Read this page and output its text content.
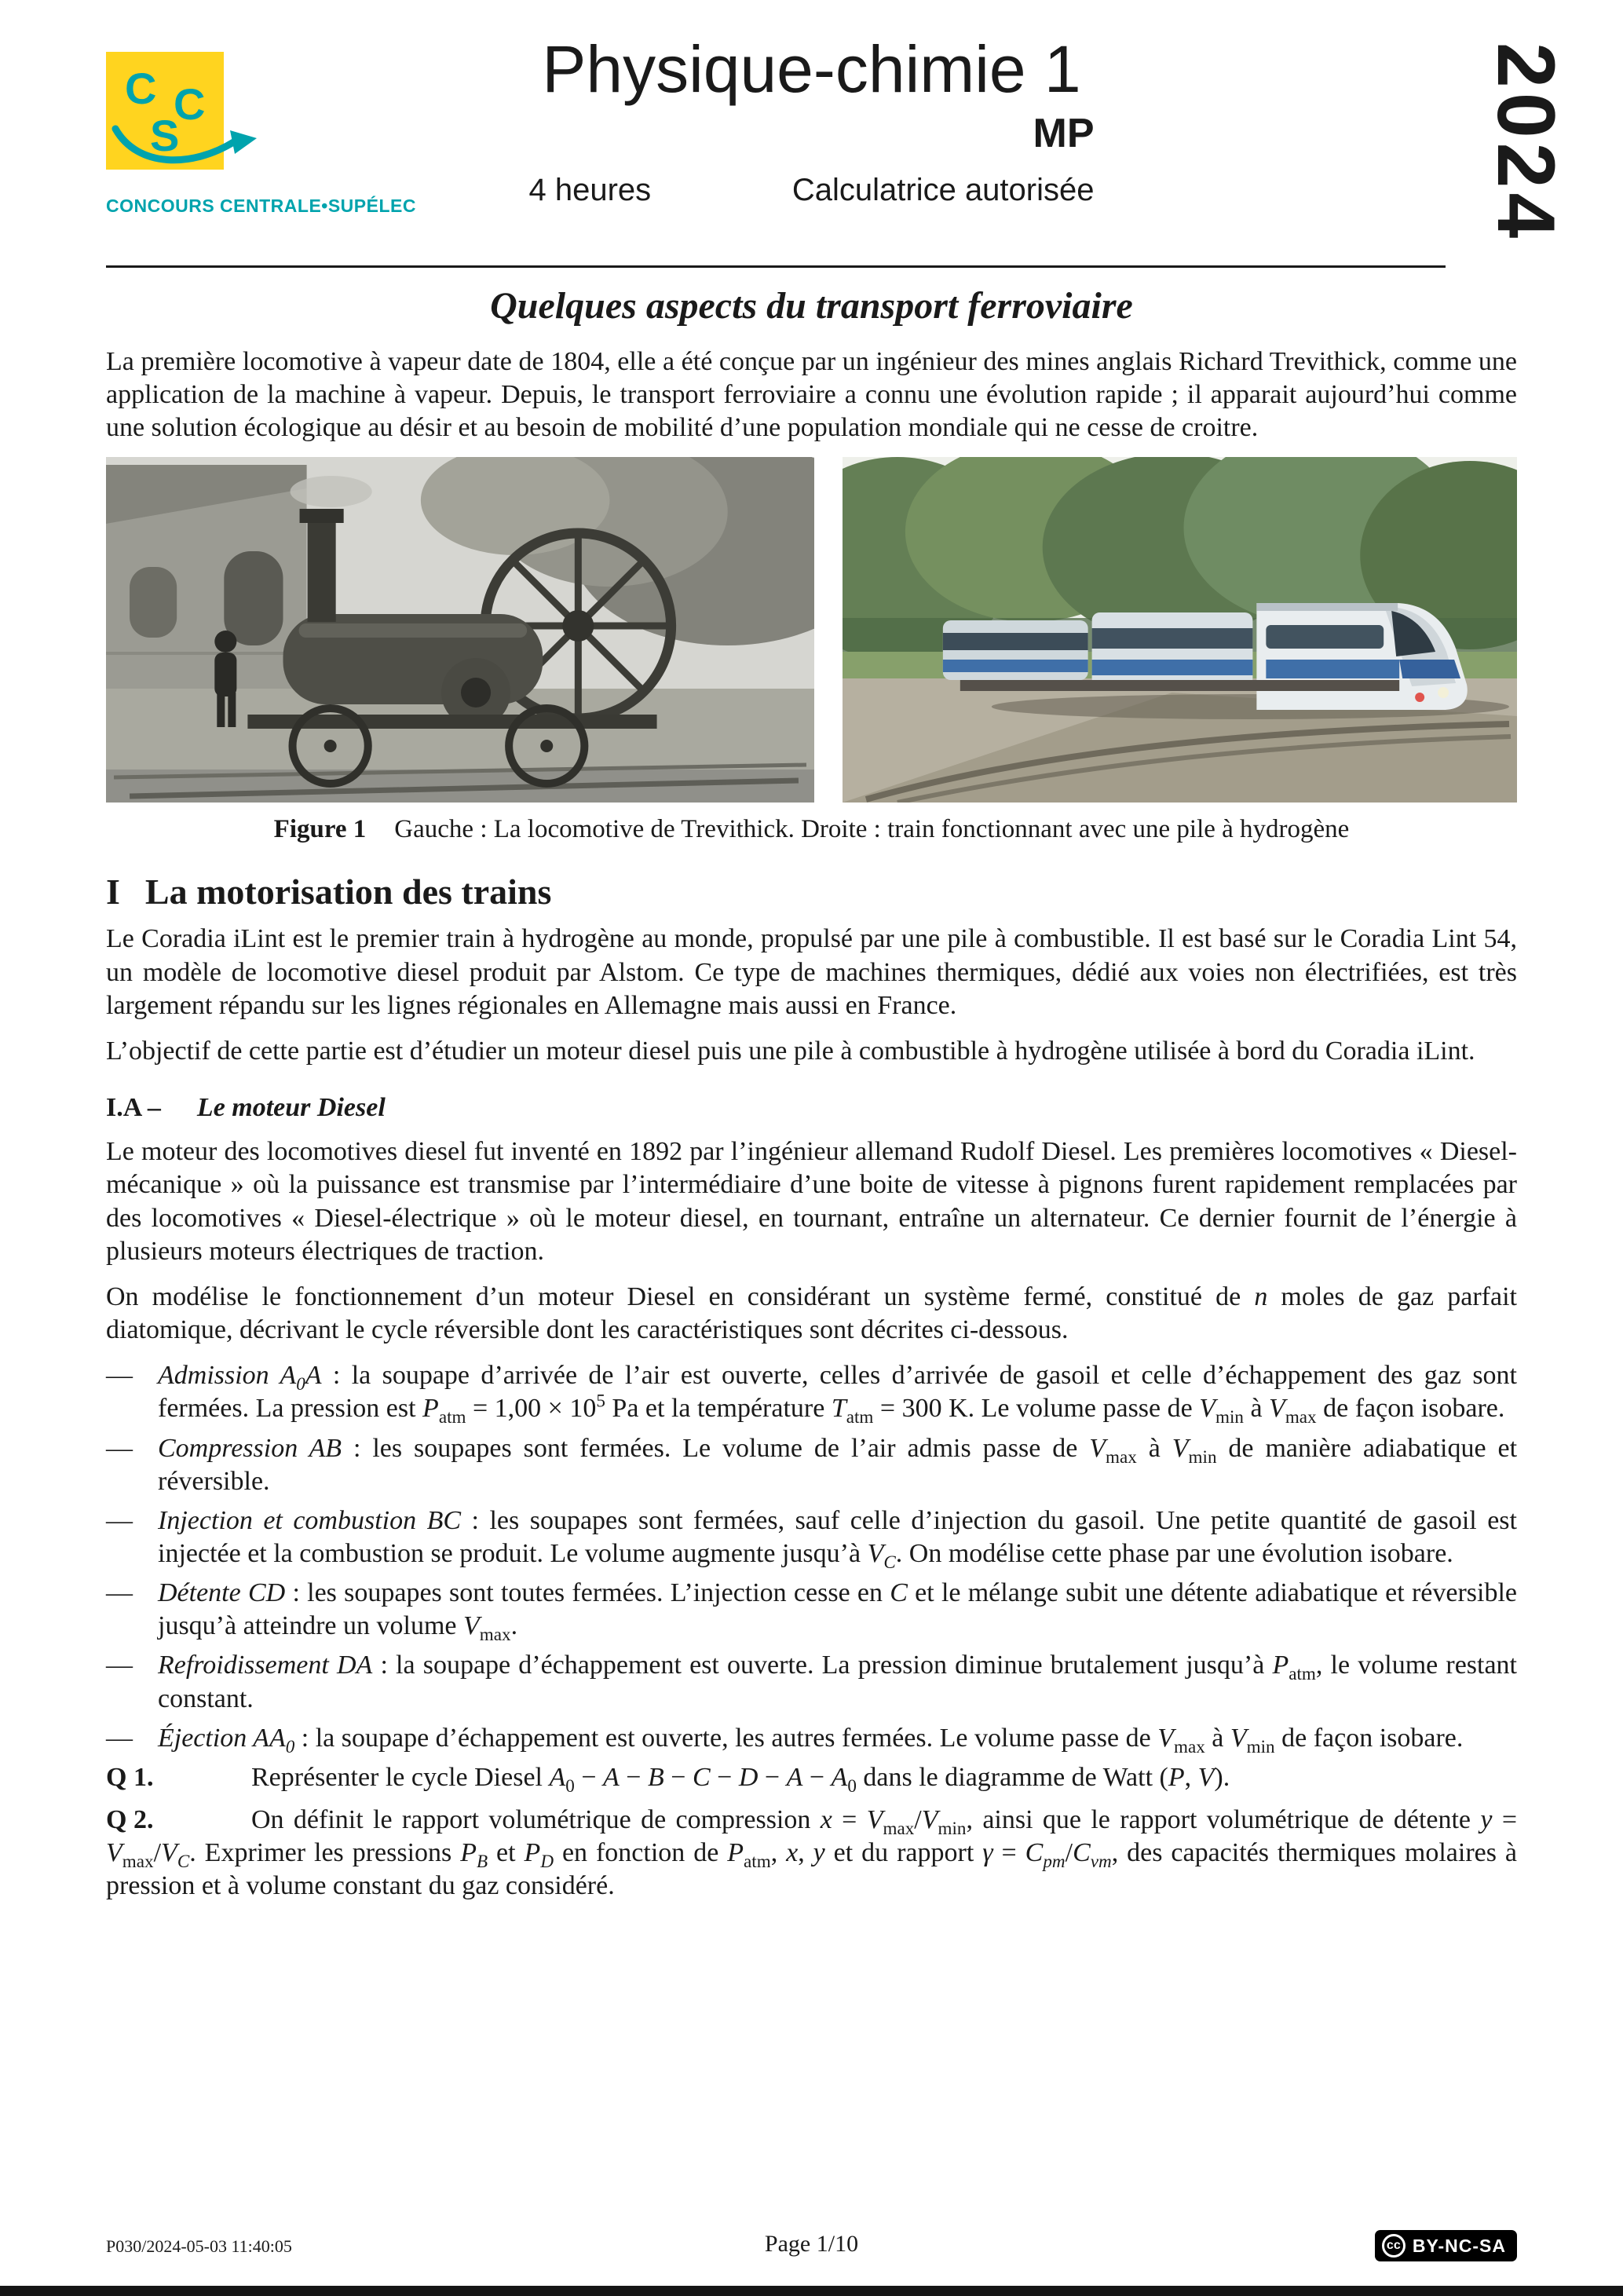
C C
S
CONCOURS CENTRALE•SUPÉLEC
Physique-chimie 1
MP
4 heures	Calculatrice autorisée	2024
Quelques aspects du transport ferroviaire

La première locomotive à vapeur date de 1804, elle a été conçue par un ingénieur des mines anglais Richard Trevithick, comme une application de la machine à vapeur. Depuis, le transport ferroviaire a connu une évolution rapide ; il apparait aujourd’hui comme une solution écologique au désir et au besoin de mobilité d’une population mondiale qui ne cesse de croitre.

Figure 1 Gauche : La locomotive de Trevithick. Droite : train fonctionnant avec une pile à hydrogène
I La motorisation des trains

Le Coradia iLint est le premier train à hydrogène au monde, propulsé par une pile à combustible. Il est basé sur le Coradia Lint 54, un modèle de locomotive diesel produit par Alstom. Ce type de machines thermiques, dédié aux voies non électrifiées, est très largement répandu sur les lignes régionales en Allemagne mais aussi en France.

L’objectif de cette partie est d’étudier un moteur diesel puis une pile à combustible à hydrogène utilisée à bord du Coradia iLint.

I.A – Le moteur Diesel

Le moteur des locomotives diesel fut inventé en 1892 par l’ingénieur allemand Rudolf Diesel. Les premières locomotives « Diesel-mécanique » où la puissance est transmise par l’intermédiaire d’une boite de vitesse à pignons furent rapidement remplacées par des locomotives « Diesel-électrique » où le moteur diesel, en tournant, entraîne un alternateur. Ce dernier fournit de l’énergie à plusieurs moteurs électriques de traction.

On modélise le fonctionnement d’un moteur Diesel en considérant un système fermé, constitué de n moles de gaz parfait diatomique, décrivant le cycle réversible dont les caractéristiques sont décrites ci-dessous.

— Admission $A_0A$ : la soupape d’arrivée de l’air est ouverte, celles d’arrivée de gasoil et celle d’échappement des gaz sont fermées. La pression est $P_{atm} = 1,00 \times 10^5$ Pa et la température $T_{atm} = 300$ K. Le volume passe de $V_{min}$ à $V_{max}$ de façon isobare.
— Compression AB : les soupapes sont fermées. Le volume de l’air admis passe de $V_{max}$ à $V_{min}$ de manière adiabatique et réversible.
— Injection et combustion BC : les soupapes sont fermées, sauf celle d’injection du gasoil. Une petite quantité de gasoil est injectée et la combustion se produit. Le volume augmente jusqu’à $V_C$. On modélise cette phase par une évolution isobare.
— Détente CD : les soupapes sont toutes fermées. L’injection cesse en C et le mélange subit une détente adiabatique et réversible jusqu’à atteindre un volume $V_{max}$.
— Refroidissement DA : la soupape d’échappement est ouverte. La pression diminue brutalement jusqu’à $P_{atm}$, le volume restant constant.
— Éjection $AA_0$ : la soupape d’échappement est ouverte, les autres fermées. Le volume passe de $V_{max}$ à $V_{min}$ de façon isobare.

Q 1.	Représenter le cycle Diesel $A_0 - A - B - C - D - A - A_0$ dans le diagramme de Watt (P, V).

Q 2.	On définit le rapport volumétrique de compression $x = V_{max}/V_{min}$, ainsi que le rapport volumétrique de détente $y = V_{max}/V_C$. Exprimer les pressions $P_B$ et $P_D$ en fonction de $P_{atm}$, x, y et du rapport $\gamma = C_{pm}/C_{vm}$, des capacités thermiques molaires à pression et à volume constant du gaz considéré.

P030/2024-05-03 11:40:05	Page 1/10	cc BY-NC-SA
